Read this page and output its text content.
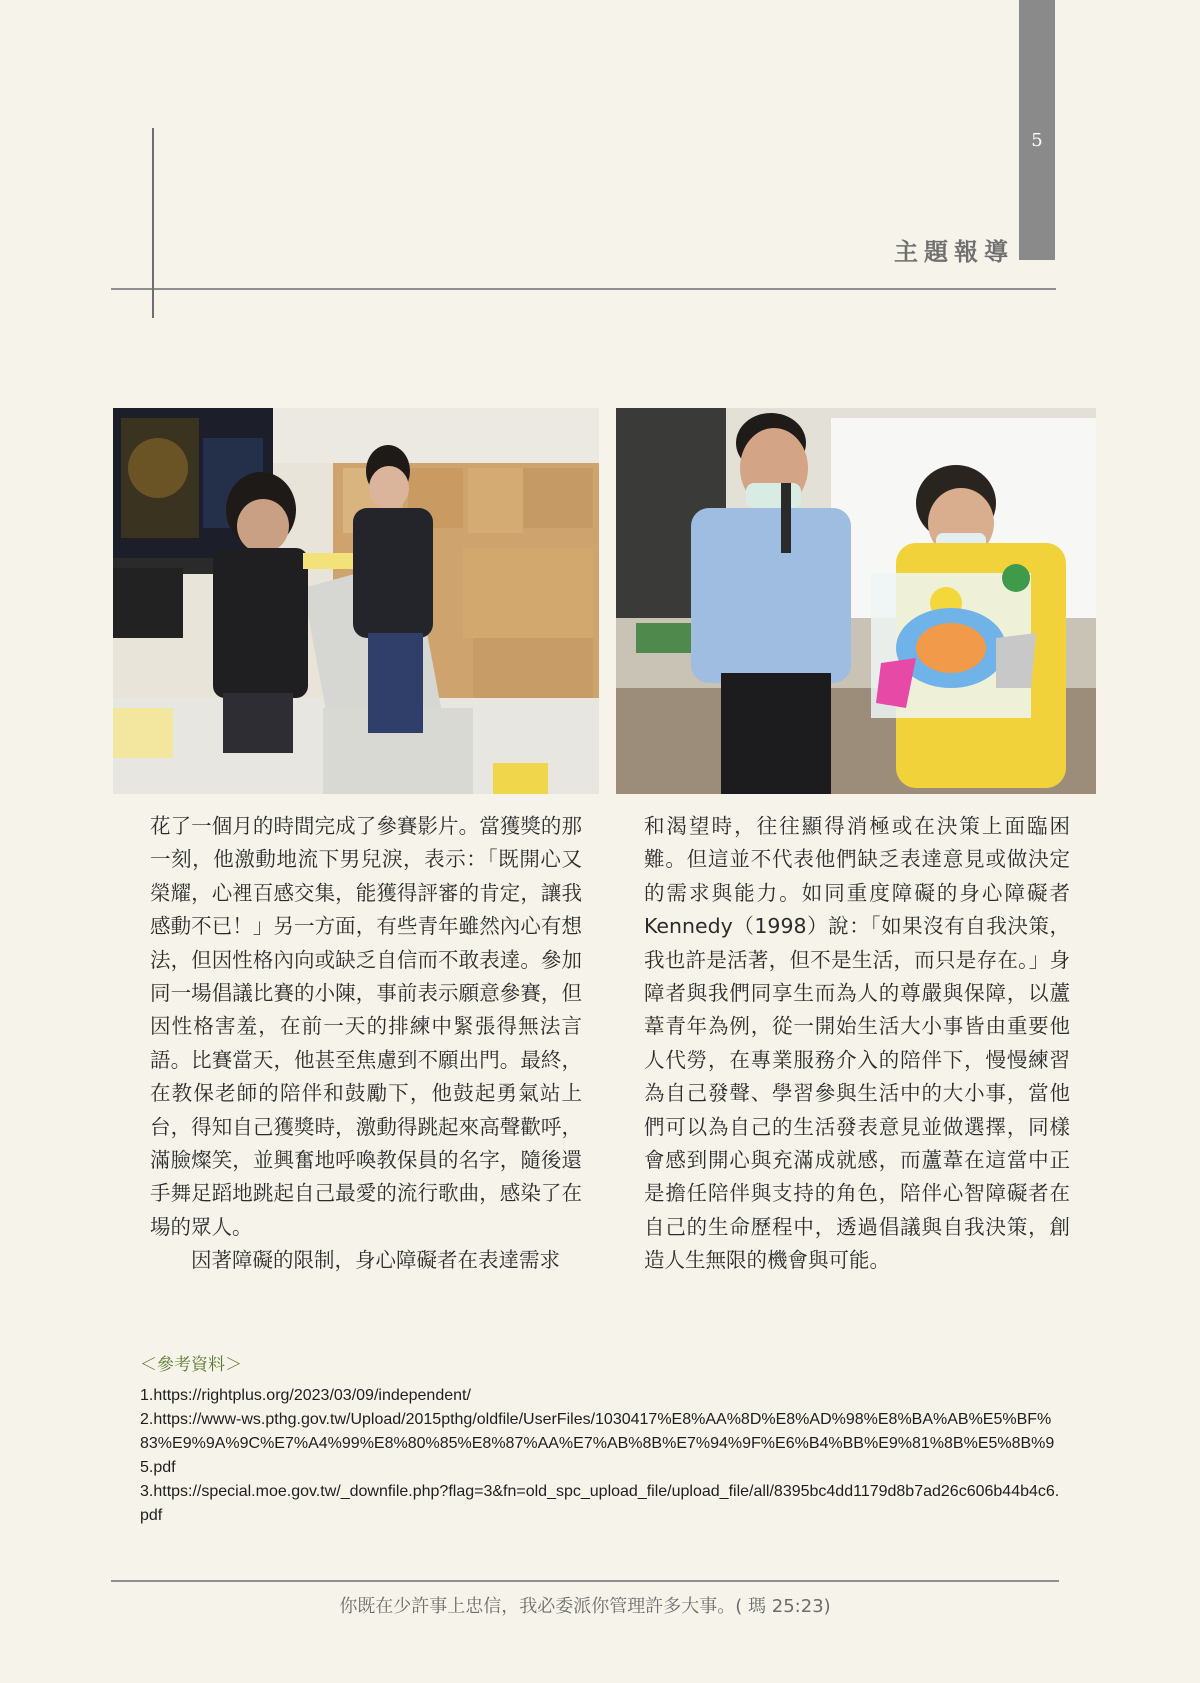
5
主題報導

花了一個月的時間完成了參賽影片。當獲獎的那一刻，他激動地流下男兒淚，表示：「既開心又榮耀，心裡百感交集，能獲得評審的肯定，讓我感動不已！」另一方面，有些青年雖然內心有想法，但因性格內向或缺乏自信而不敢表達。參加同一場倡議比賽的小陳，事前表示願意參賽，但因性格害羞，在前一天的排練中緊張得無法言語。比賽當天，他甚至焦慮到不願出門。最終，在教保老師的陪伴和鼓勵下，他鼓起勇氣站上台，得知自己獲獎時，激動得跳起來高聲歡呼，滿臉燦笑，並興奮地呼喚教保員的名字，隨後還手舞足蹈地跳起自己最愛的流行歌曲，感染了在場的眾人。

因著障礙的限制，身心障礙者在表達需求

和渴望時，往往顯得消極或在決策上面臨困難。但這並不代表他們缺乏表達意見或做決定的需求與能力。如同重度障礙的身心障礙者Kennedy（1998）說：「如果沒有自我決策，我也許是活著，但不是生活，而只是存在。」身障者與我們同享生而為人的尊嚴與保障，以蘆葦青年為例，從一開始生活大小事皆由重要他人代勞，在專業服務介入的陪伴下，慢慢練習為自己發聲、學習參與生活中的大小事，當他們可以為自己的生活發表意見並做選擇，同樣會感到開心與充滿成就感，而蘆葦在這當中正是擔任陪伴與支持的角色，陪伴心智障礙者在自己的生命歷程中，透過倡議與自我決策，創造人生無限的機會與可能。

＜參考資料＞
1.https://rightplus.org/2023/03/09/independent/
2.https://www-ws.pthg.gov.tw/Upload/2015pthg/oldfile/UserFiles/1030417%E8%AA%8D%E8%AD%98%E8%BA%AB%E5%BF%83%E9%9A%9C%E7%A4%99%E8%80%85%E8%87%AA%E7%AB%8B%E7%94%9F%E6%B4%BB%E9%81%8B%E5%8B%95.pdf
3.https://special.moe.gov.tw/_downfile.php?flag=3&fn=old_spc_upload_file/upload_file/all/8395bc4dd1179d8b7ad26c606b44b4c6.pdf
你既在少許事上忠信，我必委派你管理許多大事。( 瑪 25:23)
